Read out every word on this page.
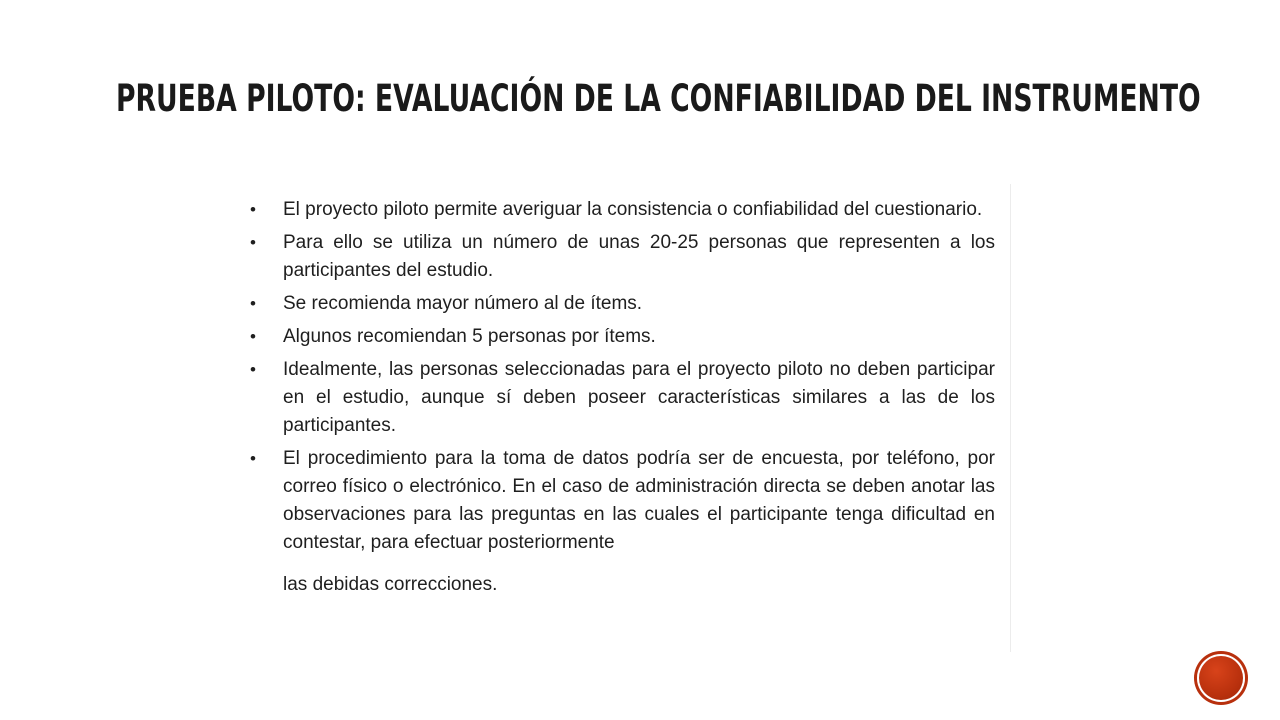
PRUEBA PILOTO: EVALUACIÓN DE LA CONFIABILIDAD DEL INSTRUMENTO
• El proyecto piloto permite averiguar la consistencia o confiabilidad del cuestionario.
• Para ello se utiliza un número de unas 20-25 personas que representen a los participantes del estudio.
• Se recomienda mayor número al de ítems.
• Algunos recomiendan 5 personas por ítems.
• Idealmente, las personas seleccionadas para el proyecto piloto no deben participar en el estudio, aunque sí deben poseer características similares a las de los participantes.
• El procedimiento para la toma de datos podría ser de encuesta, por teléfono, por correo físico o electrónico. En el caso de administración directa se deben anotar las observaciones para las preguntas en las cuales el participante tenga dificultad en contestar, para efectuar posteriormente
las debidas correcciones.
